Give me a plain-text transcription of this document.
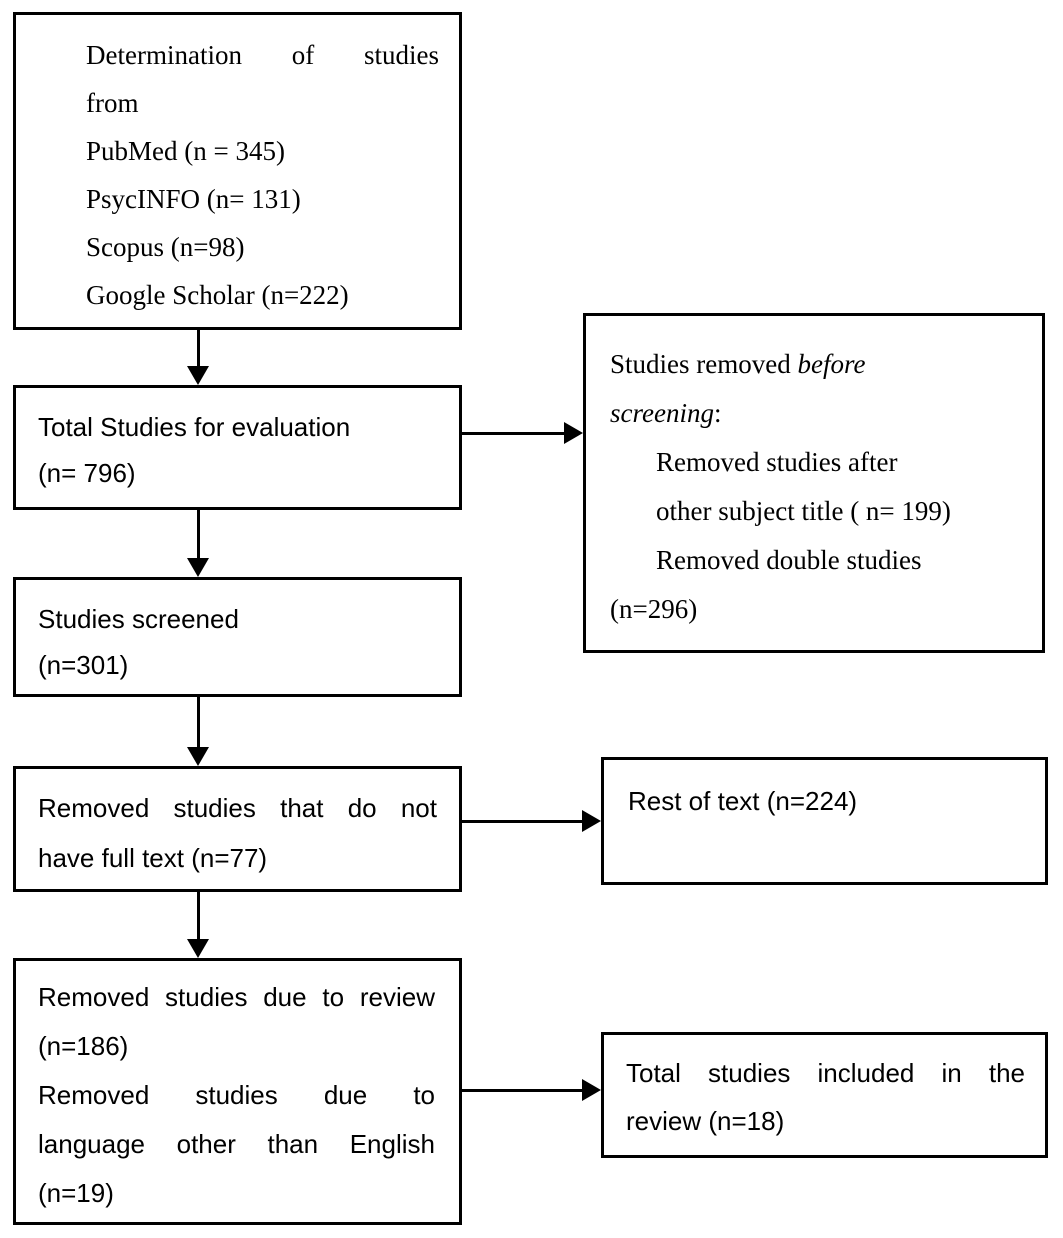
Determination of studies
from
PubMed (n = 345)
PsycINFO (n= 131)
Scopus (n=98)
Google Scholar (n=222)
Total Studies for evaluation
(n= 796)
Studies removed before
screening:
Removed studies after
other subject title ( n= 199)
Removed double studies
(n=296)
Studies screened
(n=301)
Removed studies that do not
have full text (n=77)
Rest of text (n=224)
Removed studies due to review
(n=186)
Removed studies due to
language other than English
(n=19)
Total studies included in the
review (n=18)
